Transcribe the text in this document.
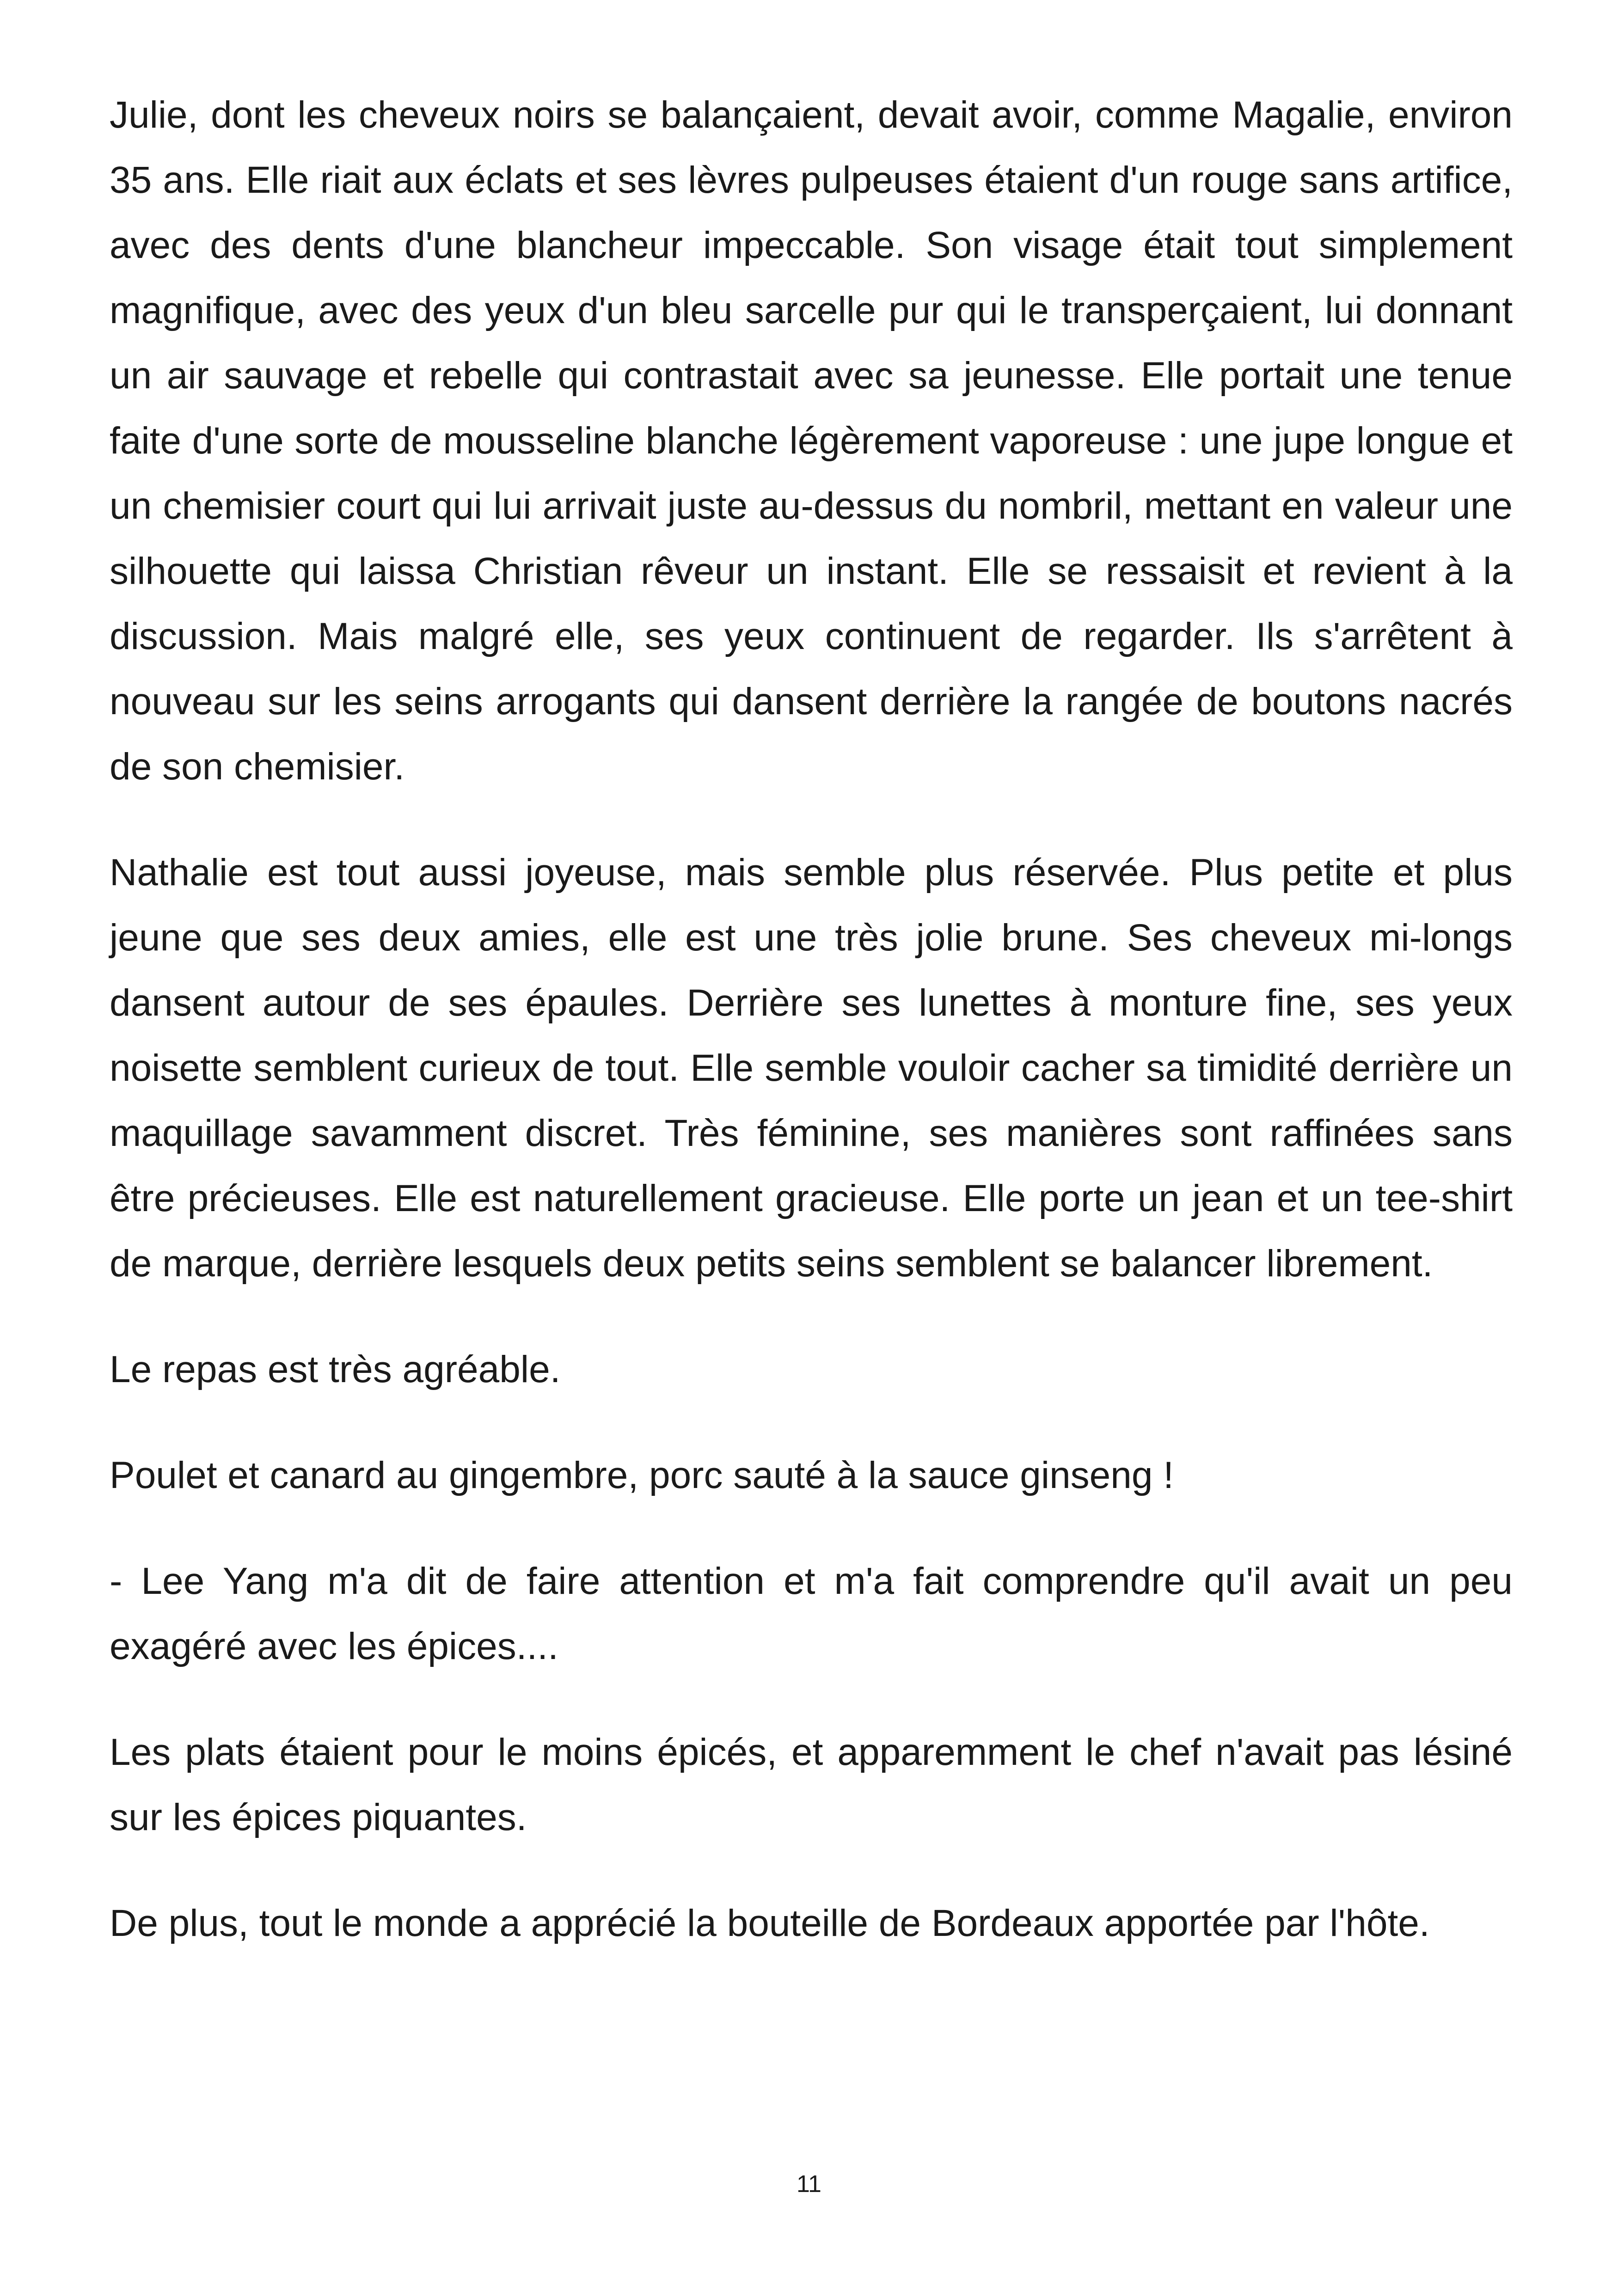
Julie, dont les cheveux noirs se balançaient, devait avoir, comme Magalie, environ 35 ans. Elle riait aux éclats et ses lèvres pulpeuses étaient d'un rouge sans artifice, avec des dents d'une blancheur impeccable. Son visage était tout simplement magnifique, avec des yeux d'un bleu sarcelle pur qui le transperçaient, lui donnant un air sauvage et rebelle qui contrastait avec sa jeunesse. Elle portait une tenue faite d'une sorte de mousseline blanche légèrement vaporeuse : une jupe longue et un chemisier court qui lui arrivait juste au-dessus du nombril, mettant en valeur une silhouette qui laissa Christian rêveur un instant. Elle se ressaisit et revient à la discussion. Mais malgré elle, ses yeux continuent de regarder. Ils s'arrêtent à nouveau sur les seins arrogants qui dansent derrière la rangée de boutons nacrés de son chemisier.

Nathalie est tout aussi joyeuse, mais semble plus réservée. Plus petite et plus jeune que ses deux amies, elle est une très jolie brune. Ses cheveux mi-longs dansent autour de ses épaules. Derrière ses lunettes à monture fine, ses yeux noisette semblent curieux de tout. Elle semble vouloir cacher sa timidité derrière un maquillage savamment discret. Très féminine, ses manières sont raffinées sans être précieuses. Elle est naturellement gracieuse. Elle porte un jean et un tee-shirt de marque, derrière lesquels deux petits seins semblent se balancer librement.

Le repas est très agréable.

Poulet et canard au gingembre, porc sauté à la sauce ginseng !

- Lee Yang m'a dit de faire attention et m'a fait comprendre qu'il avait un peu exagéré avec les épices....

Les plats étaient pour le moins épicés, et apparemment le chef n'avait pas lésiné sur les épices piquantes.

De plus, tout le monde a apprécié la bouteille de Bordeaux apportée par l'hôte.

11
